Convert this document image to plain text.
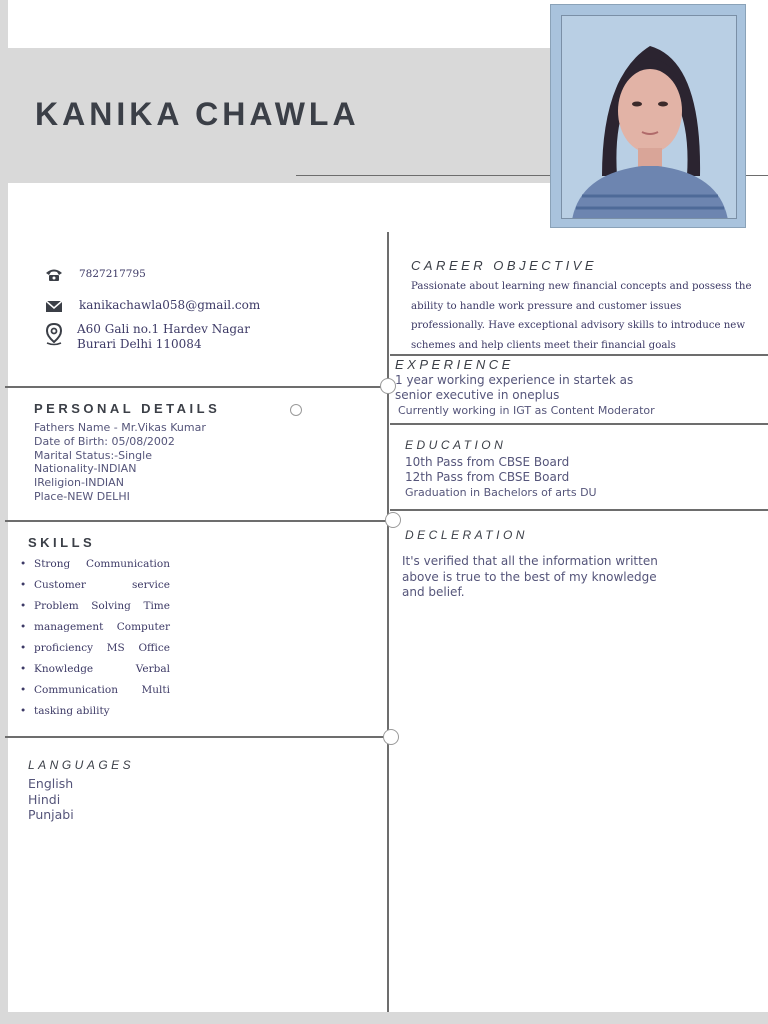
KANIKA CHAWLA
7827217795
kanikachawla058@gmail.com
A60 Gali no.1 Hardev Nagar
Burari Delhi 110084
PERSONAL DETAILS
Fathers Name - Mr.Vikas Kumar
Date of Birth: 05/08/2002
Marital Status:-Single
Nationality-INDIAN
IReligion-INDIAN
Place-NEW DELHI
SKILLS
• Strong Communication
• Customer	service
• Problem Solving Time
• management Computer
• proficiency MS Office
• Knowledge	Verbal
• Communication Multi
• tasking ability
LANGUAGES
English
Hindi
Punjabi
CAREER OBJECTIVE
Passionate about learning new financial concepts and possess the
ability to handle work pressure and customer issues
professionally. Have exceptional advisory skills to introduce new
schemes and help clients meet their financial goals
EXPERIENCE
1 year working experience in startek as
senior executive in oneplus
Currently working in IGT as Content Moderator
EDUCATION
10th Pass from CBSE Board
12th Pass from CBSE Board
Graduation in Bachelors of arts DU
DECLERATION
It's verified that all the information written
above is true to the best of my knowledge
and belief.
